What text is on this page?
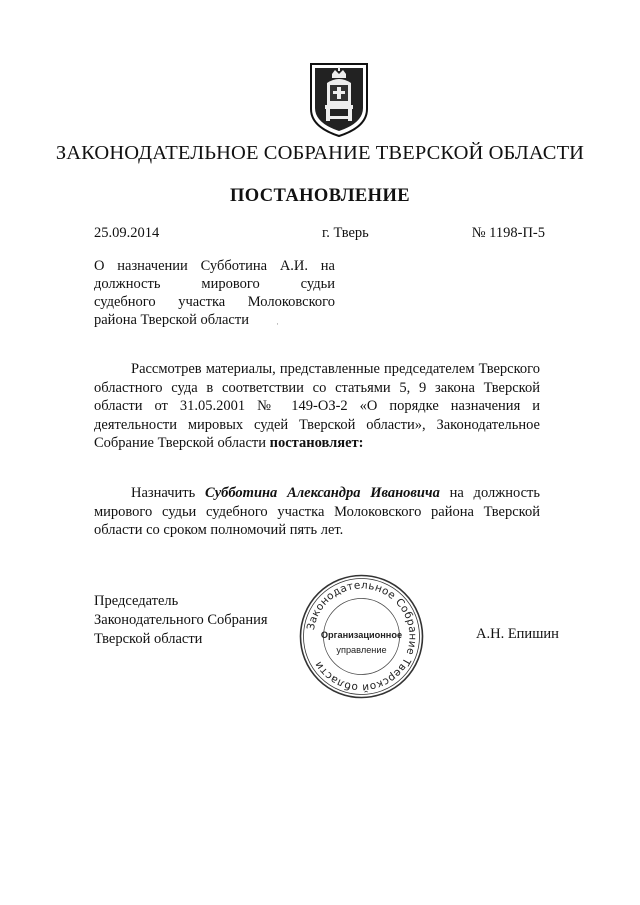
ЗАКОНОДАТЕЛЬНОЕ СОБРАНИЕ ТВЕРСКОЙ ОБЛАСТИ
ПОСТАНОВЛЕНИЕ
25.09.2014	г. Тверь	№ 1198-П-5
О назначении Субботина А.И. на
должность мирового судьи
судебного участка Молоковского
района Тверской области	·
Рассмотрев материалы, представленные председателем Тверского областного суда в соответствии со статьями 5, 9 закона Тверской области от 31.05.2001 № 149-ОЗ-2 «О порядке назначения и деятельности мировых судей Тверской области», Законодательное Собрание Тверской области постановляет:
Назначить Субботина Александра Ивановича на должность мирового судьи судебного участка Молоковского района Тверской области со сроком полномочий пять лет.
Председатель
Законодательного Собрания
Тверской области
Законодательное Собрание Тверской области
Организационное
управление
А.Н. Епишин
